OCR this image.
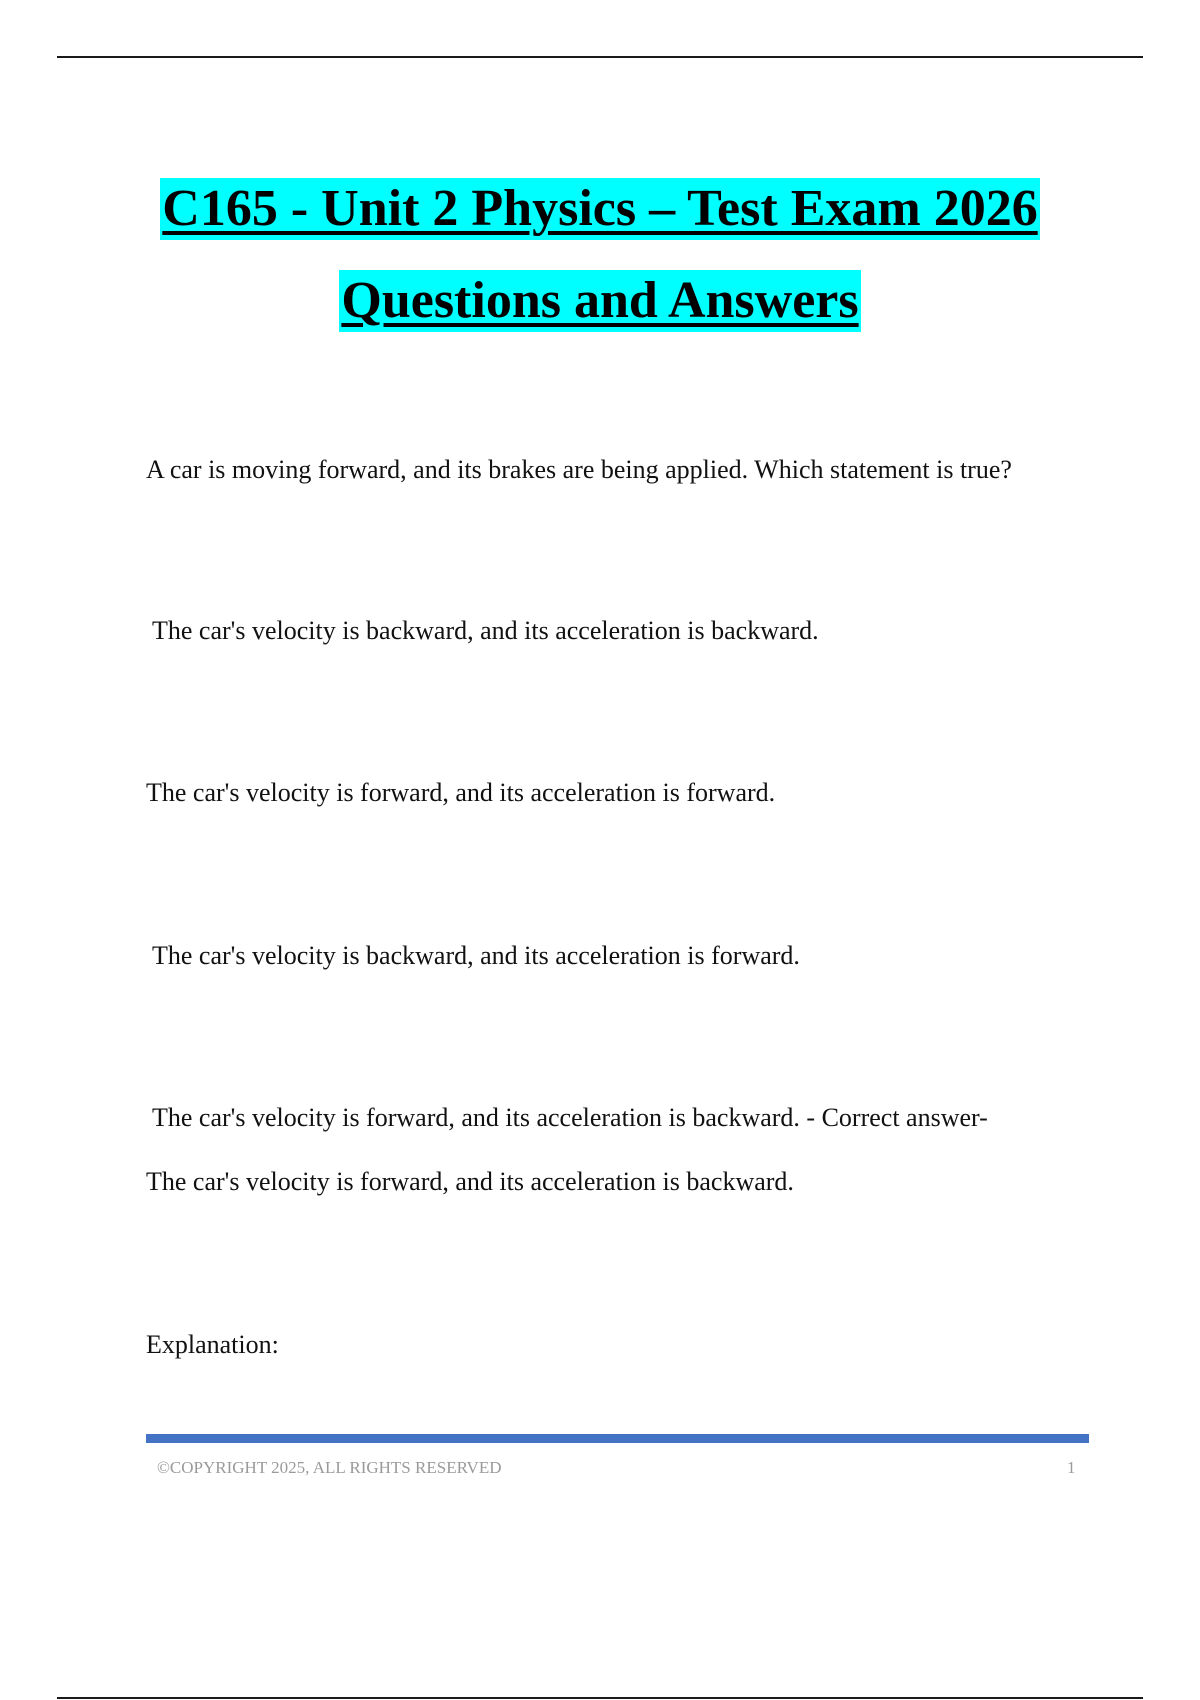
C165 - Unit 2 Physics – Test Exam 2026
Questions and Answers
A car is moving forward, and its brakes are being applied. Which statement is true?
The car's velocity is backward, and its acceleration is backward.
The car's velocity is forward, and its acceleration is forward.
The car's velocity is backward, and its acceleration is forward.
The car's velocity is forward, and its acceleration is backward. - Correct answer-
The car's velocity is forward, and its acceleration is backward.
Explanation:
©COPYRIGHT 2025, ALL RIGHTS RESERVED	1
